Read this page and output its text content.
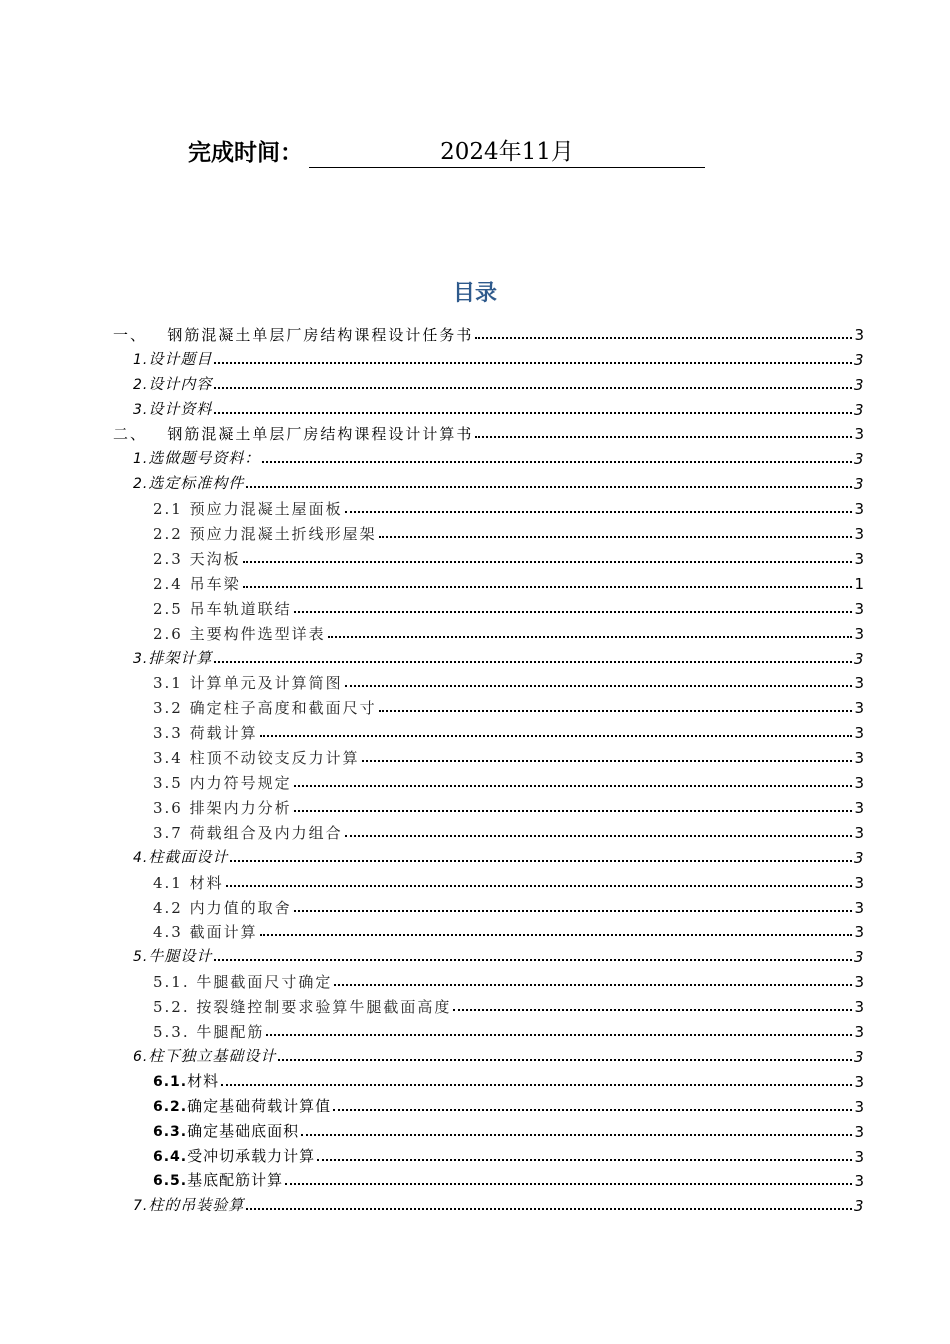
完成时间：	2024年11月
目录
一、 钢筋混凝土单层厂房结构课程设计任务书	3
1.设计题目	3
2.设计内容	3
3.设计资料	3
二、 钢筋混凝土单层厂房结构课程设计计算书	3
1.选做题号资料：	3
2.选定标准构件	3
2.1 预应力混凝土屋面板	3
2.2 预应力混凝土折线形屋架	3
2.3 天沟板	3
2.4 吊车梁	1
2.5 吊车轨道联结	3
2.6 主要构件选型详表	3
3.排架计算	3
3.1 计算单元及计算简图	3
3.2 确定柱子高度和截面尺寸	3
3.3 荷载计算	3
3.4 柱顶不动铰支反力计算	3
3.5 内力符号规定	3
3.6 排架内力分析	3
3.7 荷载组合及内力组合	3
4.柱截面设计	3
4.1 材料	3
4.2 内力值的取舍	3
4.3 截面计算	3
5.牛腿设计	3
5.1. 牛腿截面尺寸确定	3
5.2. 按裂缝控制要求验算牛腿截面高度	3
5.3. 牛腿配筋	3
6.柱下独立基础设计	3
6.1.材料	3
6.2.确定基础荷载计算值	3
6.3.确定基础底面积	3
6.4.受冲切承载力计算	3
6.5.基底配筋计算	3
7.柱的吊装验算	3
